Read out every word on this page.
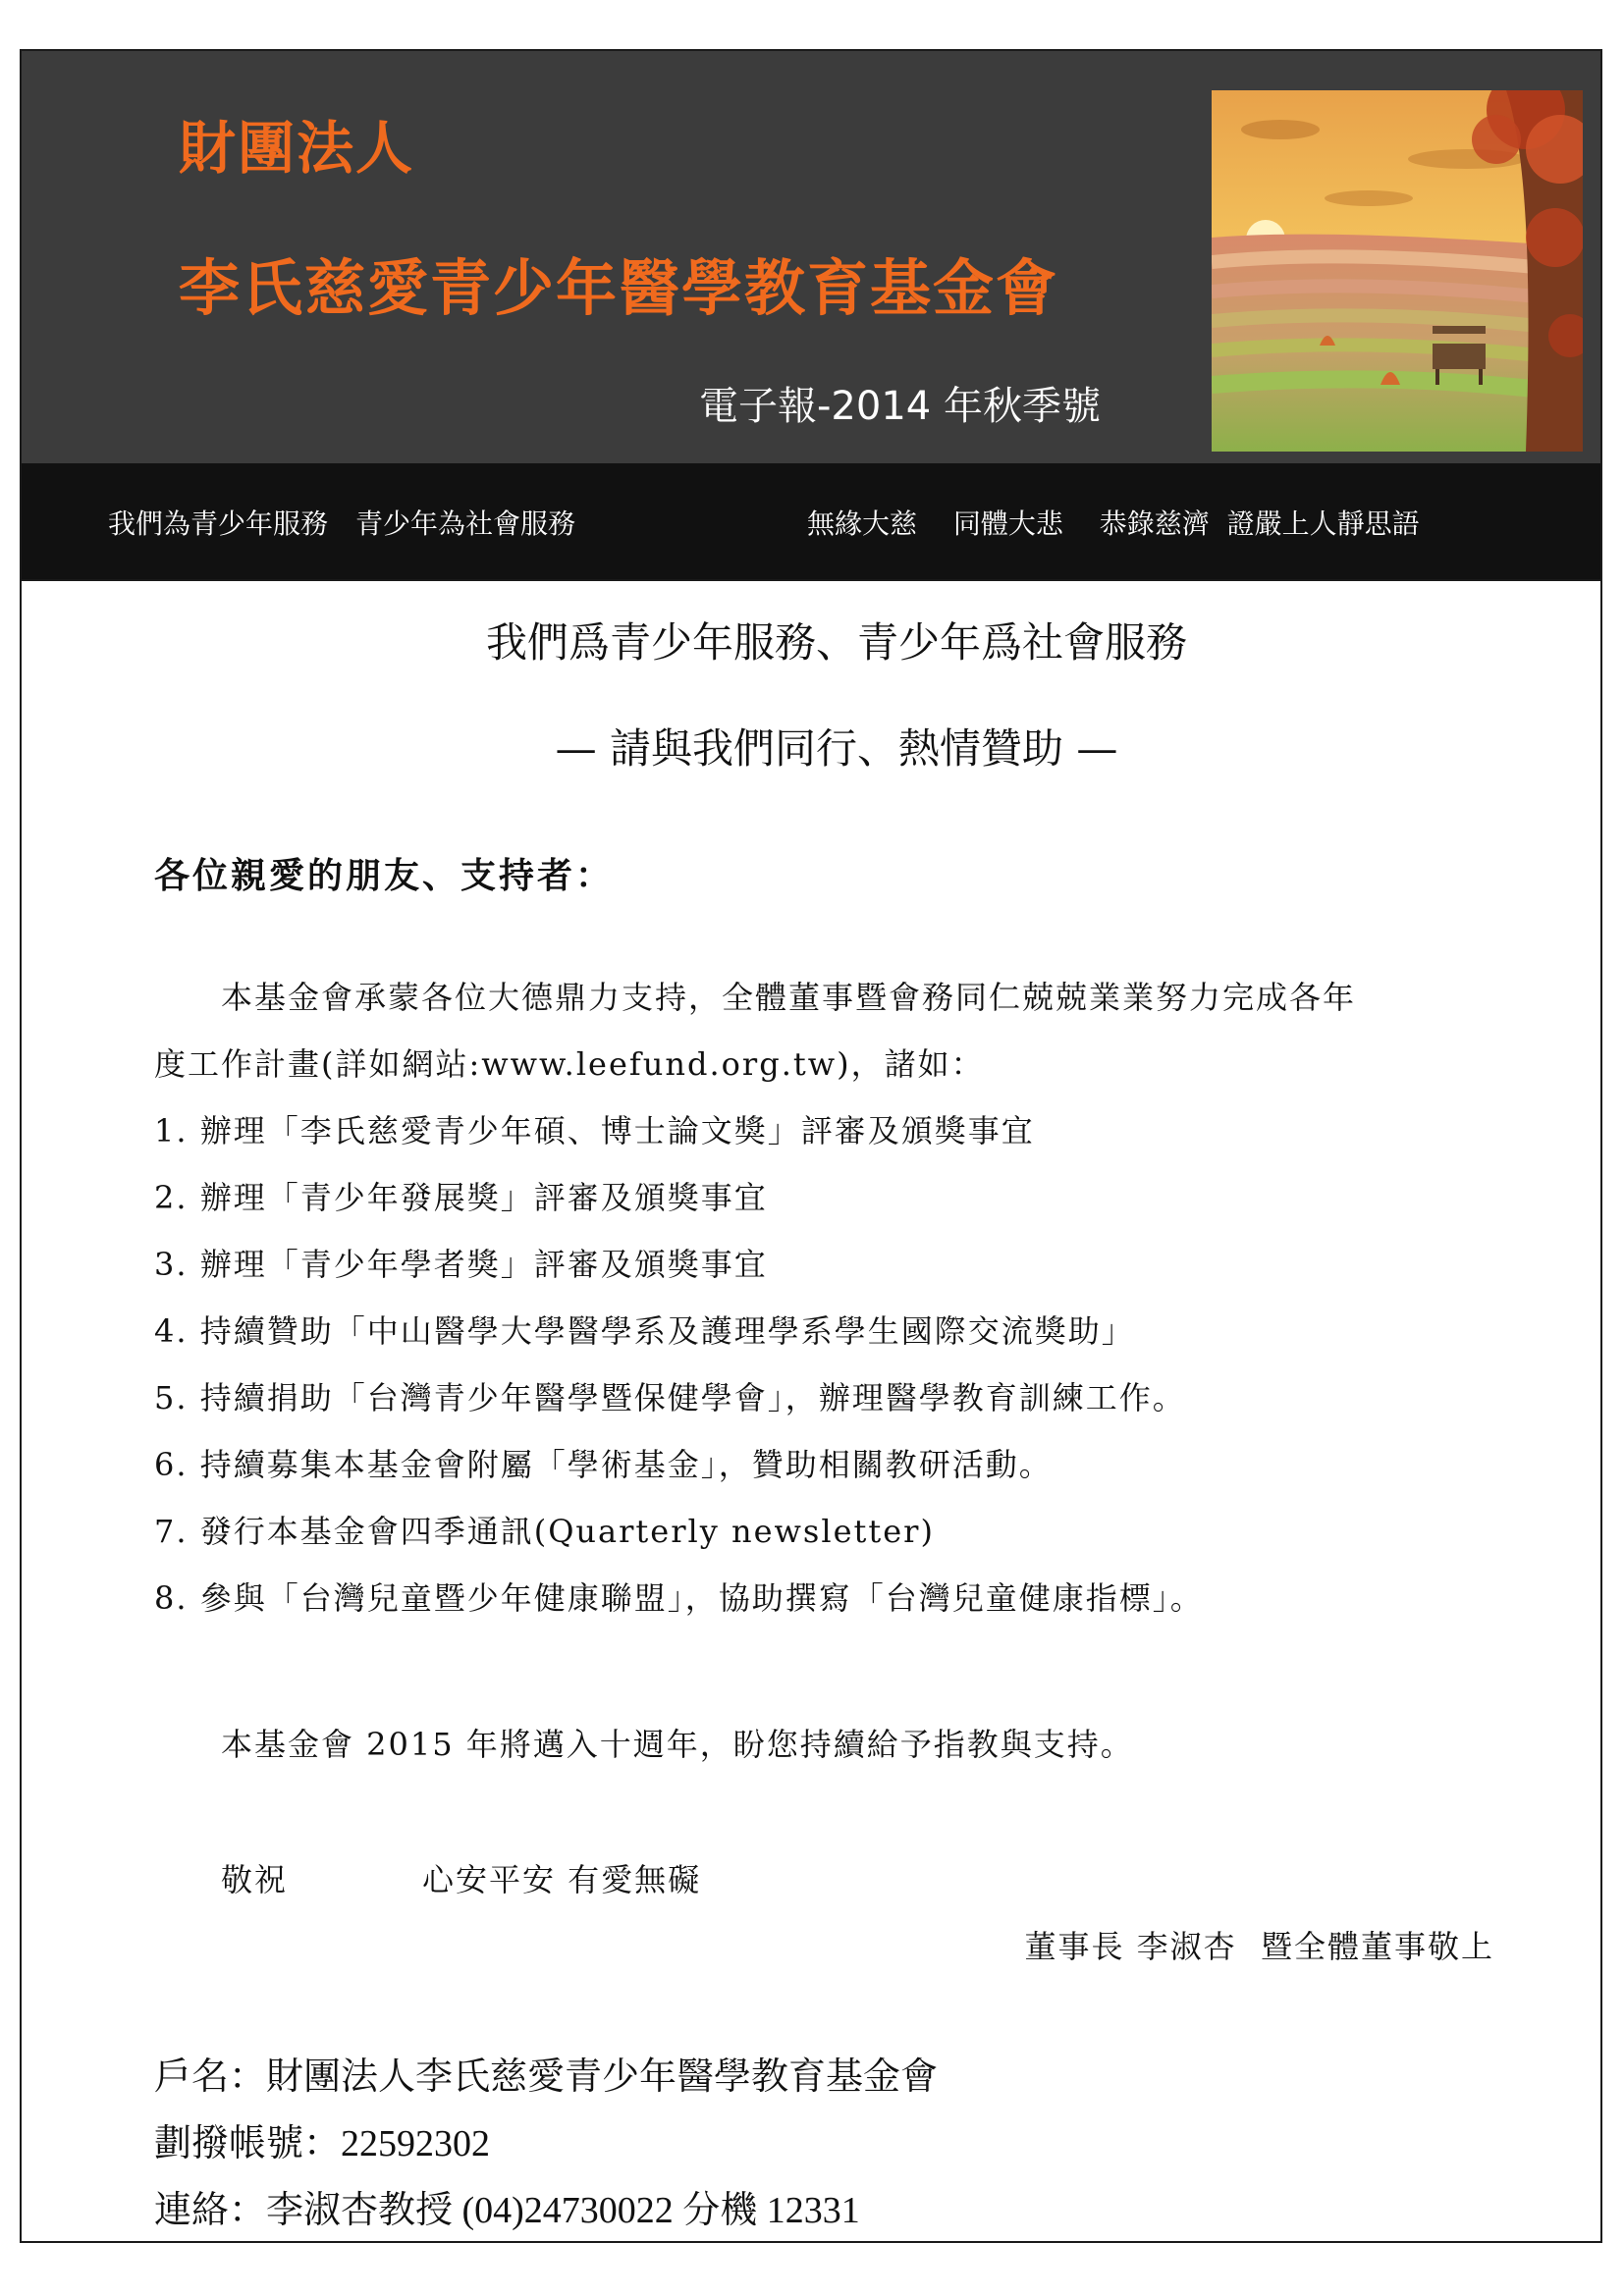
財團法人
李氏慈愛青少年醫學教育基金會
電子報-2014 年秋季號
我們為青少年服務　青少年為社會服務	無緣大慈　 同體大悲　 恭錄慈濟  證嚴上人靜思語
我們爲青少年服務、青少年爲社會服務
— 請與我們同行、熱情贊助 —
各位親愛的朋友、支持者：
本基金會承蒙各位大德鼎力支持，全體董事暨會務同仁兢兢業業努力完成各年
度工作計畫(詳如網站:www.leefund.org.tw)，諸如：
1. 辦理「李氏慈愛青少年碩、博士論文獎」評審及頒獎事宜
2. 辦理「青少年發展獎」評審及頒獎事宜
3. 辦理「青少年學者獎」評審及頒獎事宜
4. 持續贊助「中山醫學大學醫學系及護理學系學生國際交流獎助」
5. 持續捐助「台灣青少年醫學暨保健學會」，辦理醫學教育訓練工作。
6. 持續募集本基金會附屬「學術基金」，贊助相關教研活動。
7. 發行本基金會四季通訊(Quarterly newsletter)
8. 參與「台灣兒童暨少年健康聯盟」，協助撰寫「台灣兒童健康指標」。
本基金會 2015 年將邁入十週年，盼您持續給予指教與支持。
敬祝	心安平安 有愛無礙
董事長 李淑杏  暨全體董事敬上
戶名：財團法人李氏慈愛青少年醫學教育基金會
劃撥帳號：22592302
連絡：李淑杏教授 (04)24730022 分機 12331
